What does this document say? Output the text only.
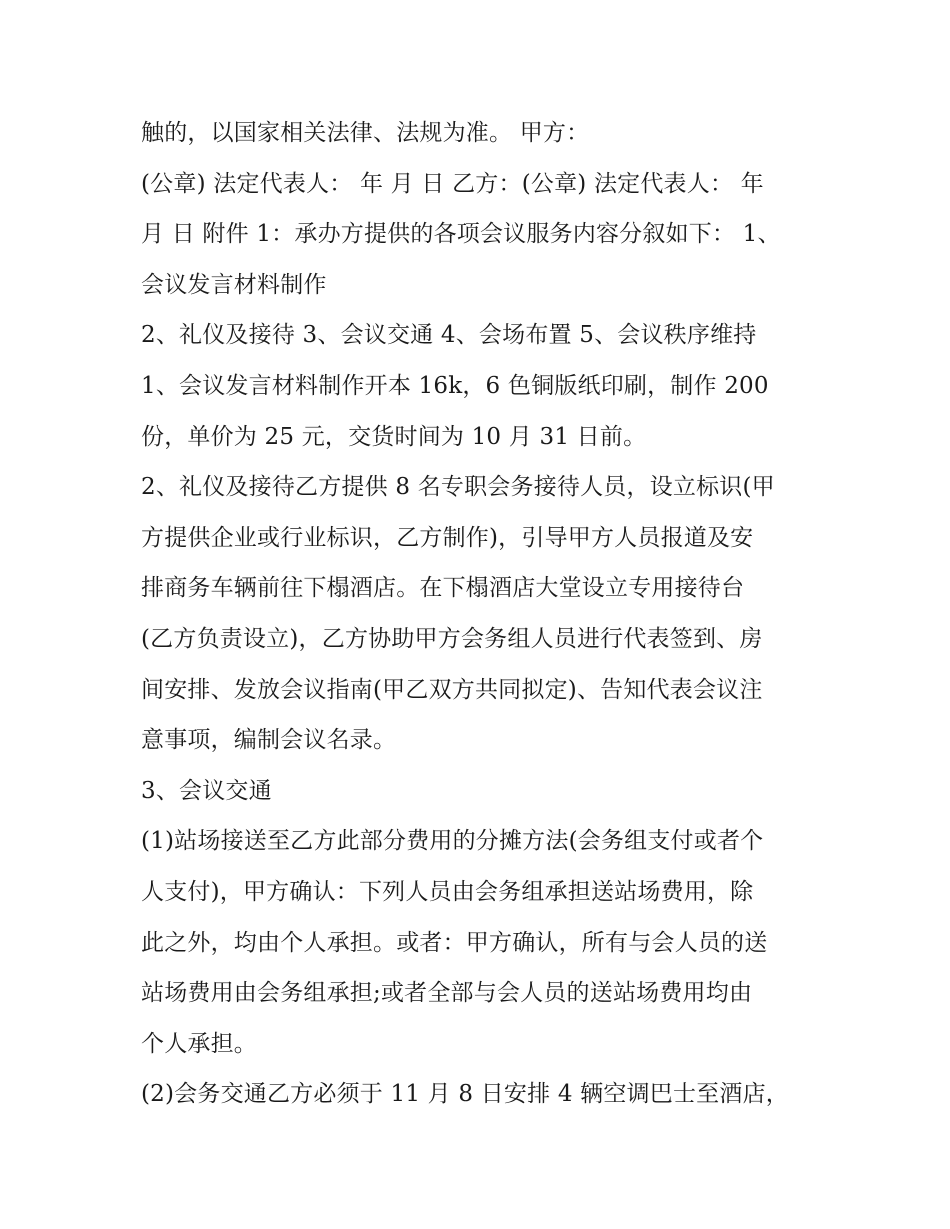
触的，以国家相关法律、法规为准。 甲方：
(公章) 法定代表人： 年 月 日 乙方：(公章) 法定代表人： 年
月 日 附件 1：承办方提供的各项会议服务内容分叙如下： 1、
会议发言材料制作
2、礼仪及接待 3、会议交通 4、会场布置 5、会议秩序维持
1、会议发言材料制作开本 16k，6 色铜版纸印刷，制作 200
份，单价为 25 元，交货时间为 10 月 31 日前。
2、礼仪及接待乙方提供 8 名专职会务接待人员，设立标识(甲
方提供企业或行业标识，乙方制作)，引导甲方人员报道及安
排商务车辆前往下榻酒店。在下榻酒店大堂设立专用接待台
(乙方负责设立)，乙方协助甲方会务组人员进行代表签到、房
间安排、发放会议指南(甲乙双方共同拟定)、告知代表会议注
意事项，编制会议名录。
3、会议交通
(1)站场接送至乙方此部分费用的分摊方法(会务组支付或者个
人支付)，甲方确认：下列人员由会务组承担送站场费用，除
此之外，均由个人承担。或者：甲方确认，所有与会人员的送
站场费用由会务组承担;或者全部与会人员的送站场费用均由
个人承担。
(2)会务交通乙方必须于 11 月 8 日安排 4 辆空调巴士至酒店，
